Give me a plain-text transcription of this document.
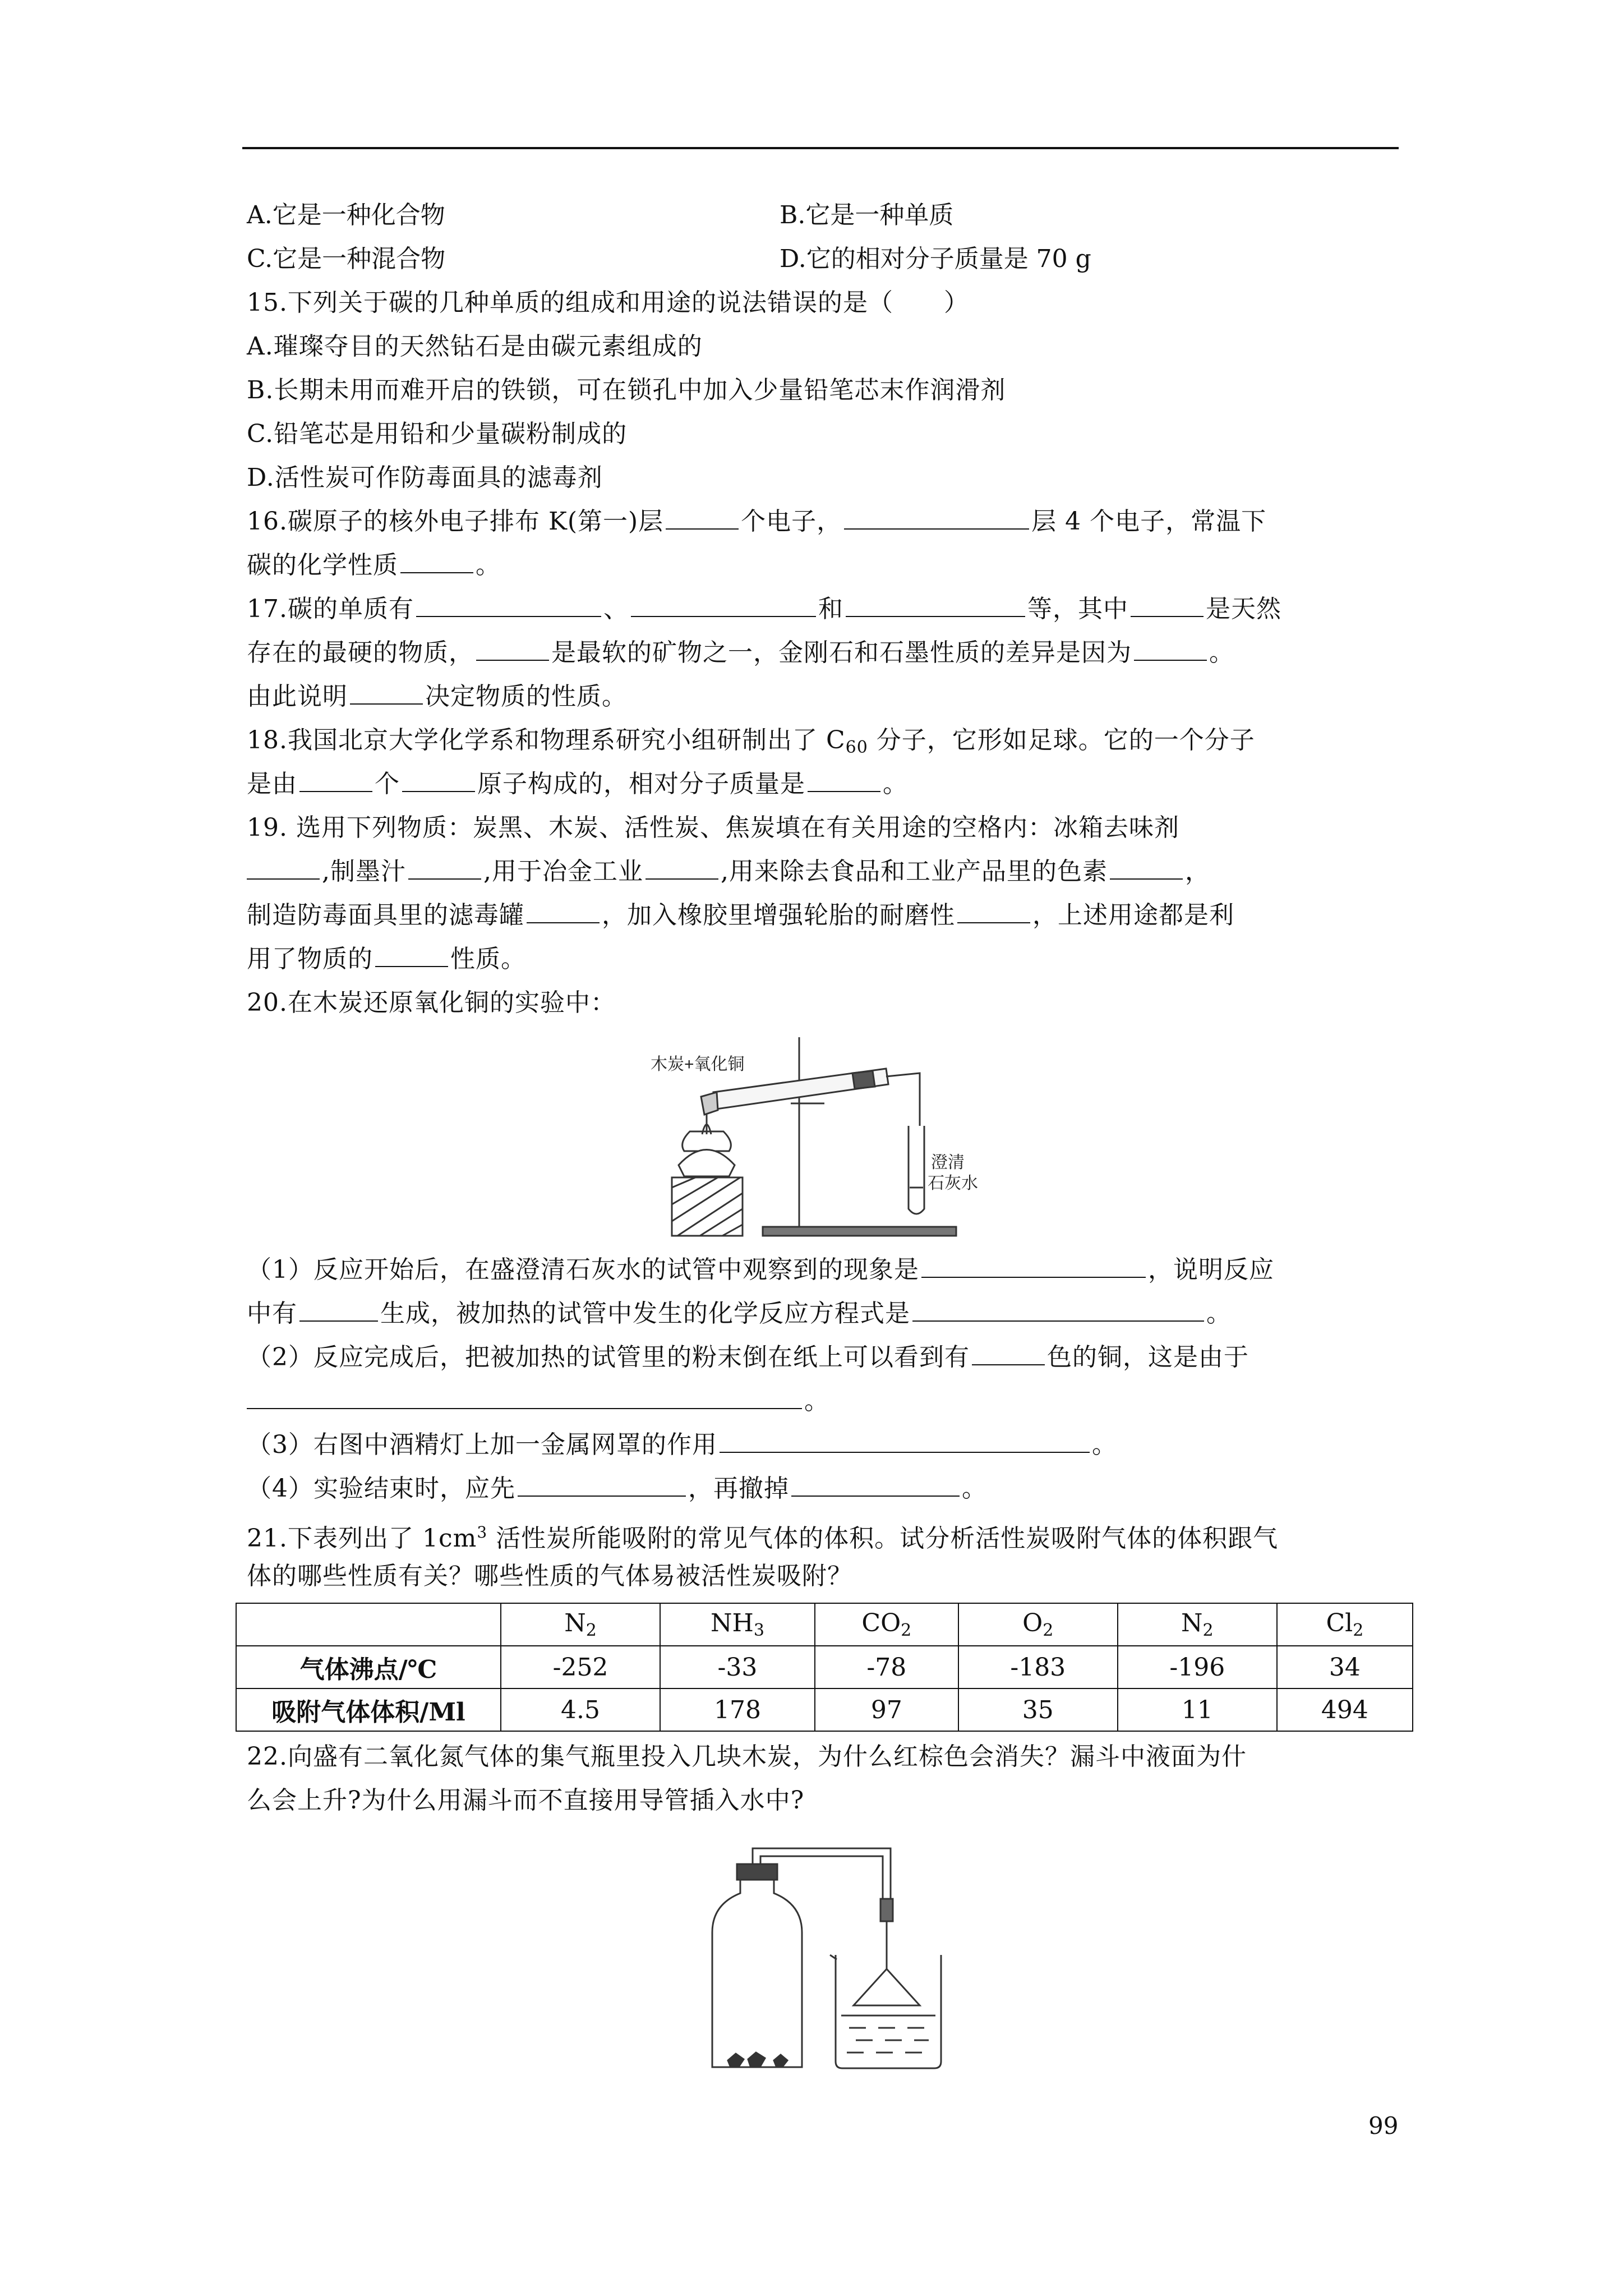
A.它是一种化合物	B.它是一种单质
C.它是一种混合物	D.它的相对分子质量是 70 g
15.下列关于碳的几种单质的组成和用途的说法错误的是（　　）
A.璀璨夺目的天然钻石是由碳元素组成的
B.长期未用而难开启的铁锁，可在锁孔中加入少量铅笔芯末作润滑剂
C.铅笔芯是用铅和少量碳粉制成的
D.活性炭可作防毒面具的滤毒剂
16.碳原子的核外电子排布 K(第一)层	个电子，	层 4 个电子，常温下
碳的化学性质	。
17.碳的单质有	、	和	等，其中	是天然
存在的最硬的物质，	是最软的矿物之一，金刚石和石墨性质的差异是因为	。
由此说明	决定物质的性质。
18.我国北京大学化学系和物理系研究小组研制出了 $C_{60}$ 分子，它形如足球。它的一个分子
是由	个	原子构成的，相对分子质量是	。
19. 选用下列物质：炭黑、木炭、活性炭、焦炭填在有关用途的空格内：冰箱去味剂
,制墨汁	,用于冶金工业	,用来除去食品和工业产品里的色素	，
制造防毒面具里的滤毒罐	，加入橡胶里增强轮胎的耐磨性	，上述用途都是利
用了物质的	性质。
20.在木炭还原氧化铜的实验中：
木炭+氧化铜
澄清
石灰水
（1）反应开始后，在盛澄清石灰水的试管中观察到的现象是	，说明反应
中有	生成，被加热的试管中发生的化学反应方程式是	。
（2）反应完成后，把被加热的试管里的粉末倒在纸上可以看到有	色的铜，这是由于
。
（3）右图中酒精灯上加一金属网罩的作用	。
（4）实验结束时，应先	，再撤掉	。
21.下表列出了 $1cm^3$ 活性炭所能吸附的常见气体的体积。试分析活性炭吸附气体的体积跟气
体的哪些性质有关？哪些性质的气体易被活性炭吸附？
	$N_2$	$NH_3$	$CO_2$	$O_2$	$N_2$	$Cl_2$
气体沸点/℃	-252	-33	-78	-183	-196	34
吸附气体体积/Ml	4.5	178	97	35	11	494
22.向盛有二氧化氮气体的集气瓶里投入几块木炭，为什么红棕色会消失？漏斗中液面为什
么会上升?为什么用漏斗而不直接用导管插入水中?
99
